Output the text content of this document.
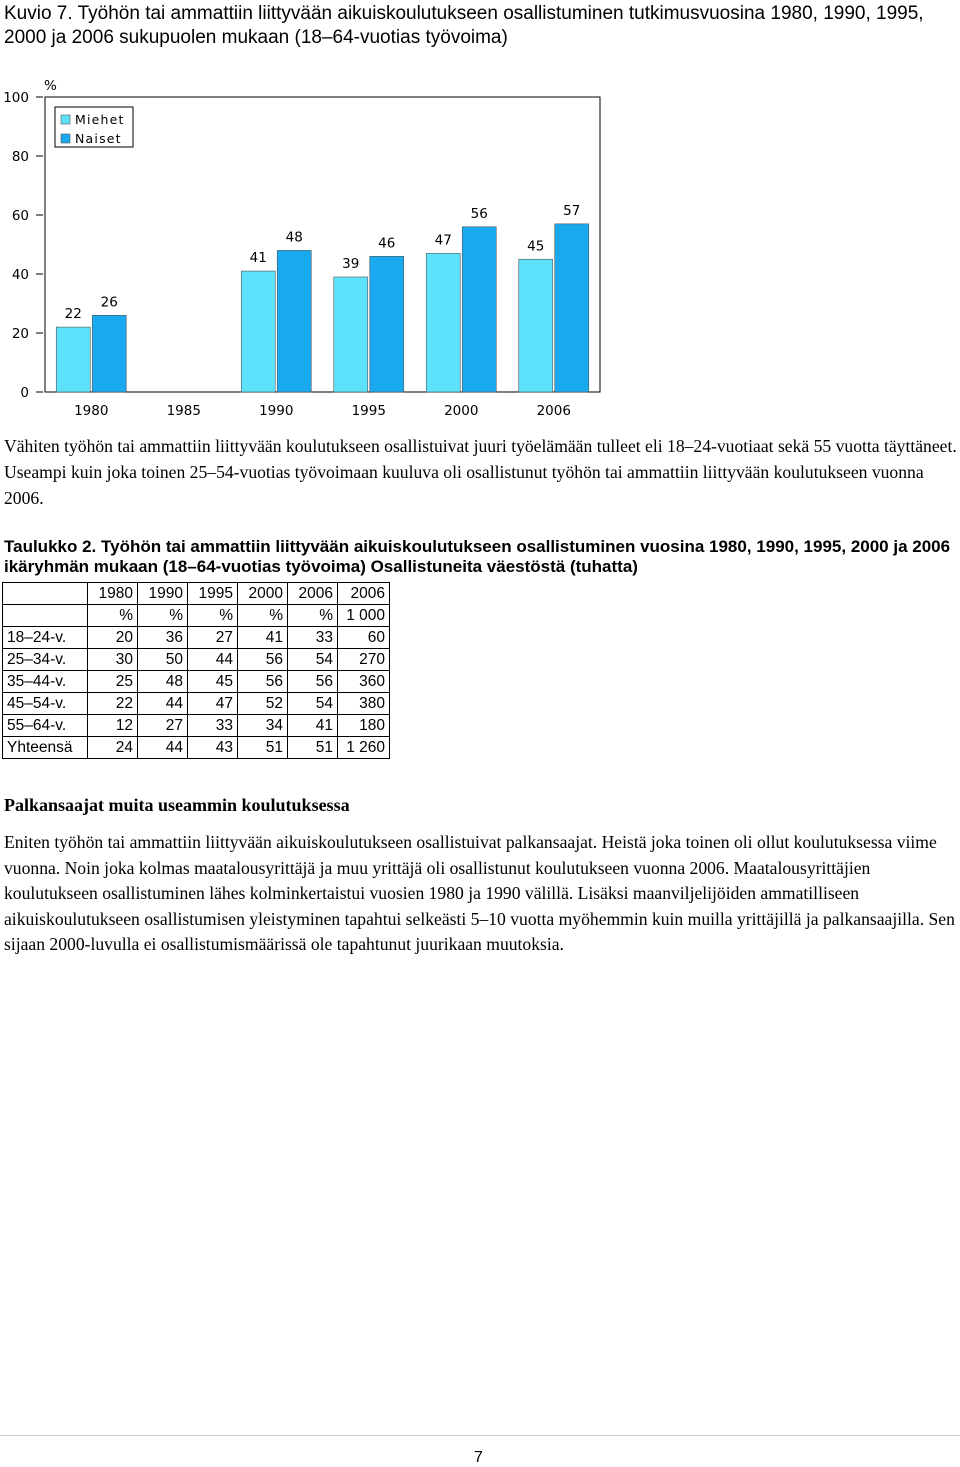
Kuvio 7. Työhön tai ammattiin liittyvään aikuiskoulutukseen osallistuminen tutkimusvuosina 1980, 1990, 1995, 2000 ja 2006 sukupuolen mukaan (18–64-vuotias työvoima)
0
20
40
60
80
100
%
1980
22
26
1985	1990
41
48
1995
39
46
2000
47
56
2006
45
57
Miehet
Naiset
Vähiten työhön tai ammattiin liittyvään koulutukseen osallistuivat juuri työelämään tulleet eli 18–24-vuotiaat sekä 55 vuotta täyttäneet. Useampi kuin joka toinen 25–54-vuotias työvoimaan kuuluva oli osallistunut työhön tai ammattiin liittyvään koulutukseen vuonna 2006.
Taulukko 2. Työhön tai ammattiin liittyvään aikuiskoulutukseen osallistuminen vuosina 1980, 1990, 1995, 2000 ja 2006 ikäryhmän mukaan (18–64-vuotias työvoima) Osallistuneita väestöstä (tuhatta)
	1980	1990	1995	2000	2006	2006
	%	%	%	%	%	1 000
18–24-v.	20	36	27	41	33	60
25–34-v.	30	50	44	56	54	270
35–44-v.	25	48	45	56	56	360
45–54-v.	22	44	47	52	54	380
55–64-v.	12	27	33	34	41	180
Yhteensä	24	44	43	51	51	1 260
Palkansaajat muita useammin koulutuksessa
Eniten työhön tai ammattiin liittyvään aikuiskoulutukseen osallistuivat palkansaajat. Heistä joka toinen oli ollut koulutuksessa viime vuonna. Noin joka kolmas maatalousyrittäjä ja muu yrittäjä oli osallistunut koulutukseen vuonna 2006. Maatalousyrittäjien koulutukseen osallistuminen lähes kolminkertaistui vuosien 1980 ja 1990 välillä. Lisäksi maanviljelijöiden ammatilliseen aikuiskoulutukseen osallistumisen yleistyminen tapahtui selkeästi 5–10 vuotta myöhemmin kuin muilla yrittäjillä ja palkansaajilla. Sen sijaan 2000-luvulla ei osallistumismäärissä ole tapahtunut juurikaan muutoksia.
7
